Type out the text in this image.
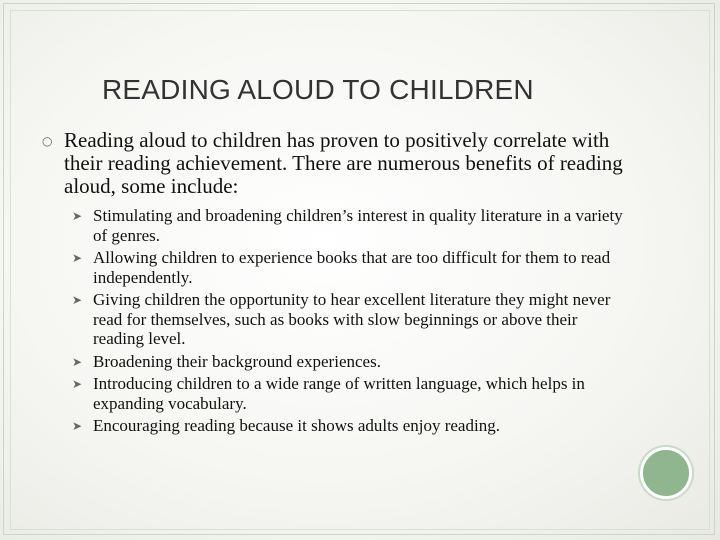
READING ALOUD TO CHILDREN
○ Reading aloud to children has proven to positively correlate with their reading achievement. There are numerous benefits of reading aloud, some include:
➤ Stimulating and broadening children’s interest in quality literature in a variety of genres.
➤ Allowing children to experience books that are too difficult for them to read independently.
➤ Giving children the opportunity to hear excellent literature they might never read for themselves, such as books with slow beginnings or above their reading level.
➤ Broadening their background experiences.
➤ Introducing children to a wide range of written language, which helps in expanding vocabulary.
➤ Encouraging reading because it shows adults enjoy reading.
